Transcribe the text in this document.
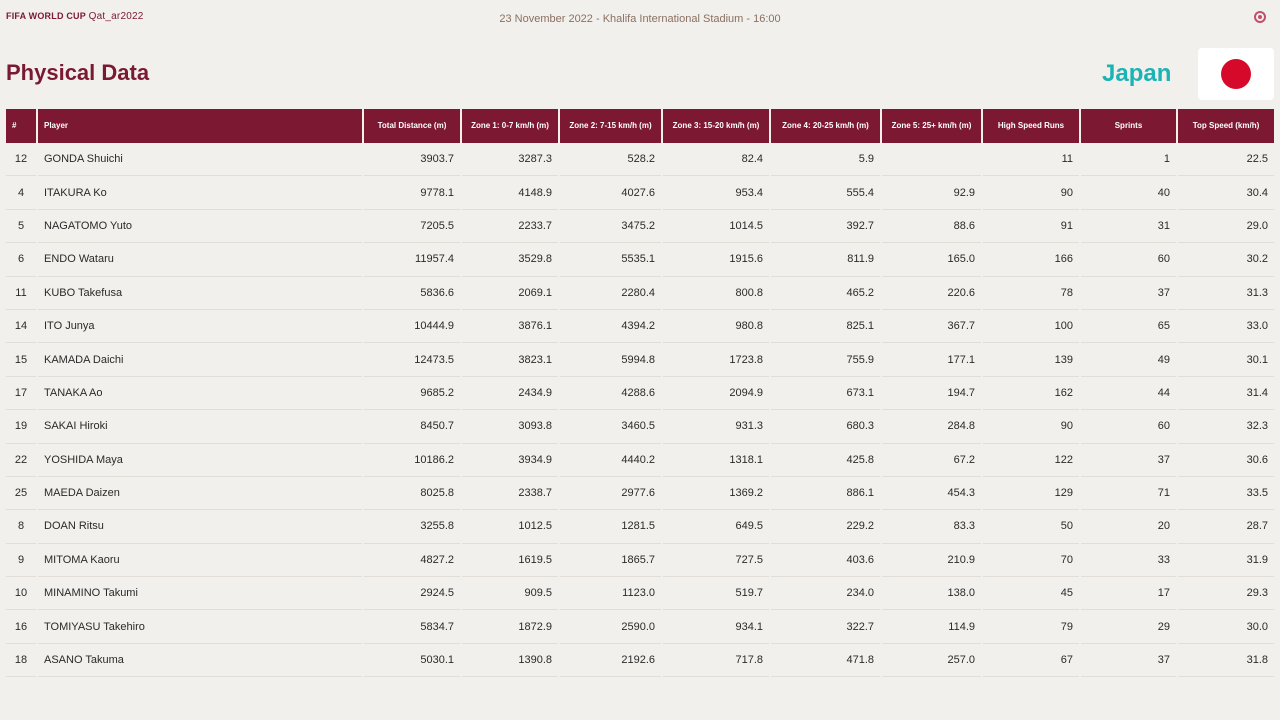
FIFA WORLD CUP Qat_ar2022	23 November 2022 - Khalifa International Stadium - 16:00
Physical Data	Japan
#	Player	Total Distance (m)	Zone 1: 0-7 km/h (m)	Zone 2: 7-15 km/h (m)	Zone 3: 15-20 km/h (m)	Zone 4: 20-25 km/h (m)	Zone 5: 25+ km/h (m)	High Speed Runs	Sprints	Top Speed (km/h)
12	GONDA Shuichi	3903.7	3287.3	528.2	82.4	5.9		11	1	22.5
4	ITAKURA Ko	9778.1	4148.9	4027.6	953.4	555.4	92.9	90	40	30.4
5	NAGATOMO Yuto	7205.5	2233.7	3475.2	1014.5	392.7	88.6	91	31	29.0
6	ENDO Wataru	11957.4	3529.8	5535.1	1915.6	811.9	165.0	166	60	30.2
11	KUBO Takefusa	5836.6	2069.1	2280.4	800.8	465.2	220.6	78	37	31.3
14	ITO Junya	10444.9	3876.1	4394.2	980.8	825.1	367.7	100	65	33.0
15	KAMADA Daichi	12473.5	3823.1	5994.8	1723.8	755.9	177.1	139	49	30.1
17	TANAKA Ao	9685.2	2434.9	4288.6	2094.9	673.1	194.7	162	44	31.4
19	SAKAI Hiroki	8450.7	3093.8	3460.5	931.3	680.3	284.8	90	60	32.3
22	YOSHIDA Maya	10186.2	3934.9	4440.2	1318.1	425.8	67.2	122	37	30.6
25	MAEDA Daizen	8025.8	2338.7	2977.6	1369.2	886.1	454.3	129	71	33.5
8	DOAN Ritsu	3255.8	1012.5	1281.5	649.5	229.2	83.3	50	20	28.7
9	MITOMA Kaoru	4827.2	1619.5	1865.7	727.5	403.6	210.9	70	33	31.9
10	MINAMINO Takumi	2924.5	909.5	1123.0	519.7	234.0	138.0	45	17	29.3
16	TOMIYASU Takehiro	5834.7	1872.9	2590.0	934.1	322.7	114.9	79	29	30.0
18	ASANO Takuma	5030.1	1390.8	2192.6	717.8	471.8	257.0	67	37	31.8
